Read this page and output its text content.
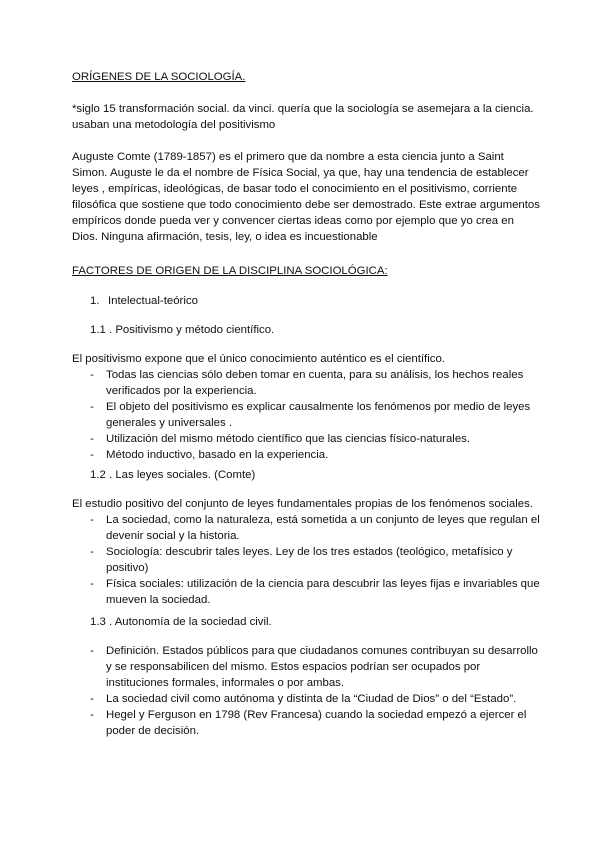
ORÍGENES DE LA SOCIOLOGÍA.

*siglo 15 transformación social. da vinci. quería que la sociología se asemejara a la ciencia. usaban una metodología del positivismo

Auguste Comte (1789-1857) es el primero que da nombre a esta ciencia junto a Saint Simon. Auguste le da el nombre de Física Social, ya que, hay una tendencia de establecer leyes , empíricas, ideológicas, de basar todo el conocimiento en el positivismo, corriente filosófica que sostiene que todo conocimiento debe ser demostrado. Este extrae argumentos empíricos donde pueda ver y convencer ciertas ideas como por ejemplo que yo crea en Dios. Ninguna afirmación, tesis, ley, o idea es incuestionable

FACTORES DE ORIGEN DE LA DISCIPLINA SOCIOLÓGICA:

1. Intelectual-teórico

1.1 . Positivismo y método científico.

El positivismo expone que el único conocimiento auténtico es el científico.

- Todas las ciencias sólo deben tomar en cuenta, para su análisis, los hechos reales verificados por la experiencia.
- El objeto del positivismo es explicar causalmente los fenómenos por medio de leyes generales y universales .
- Utilización del mismo método científico que las ciencias físico-naturales.
- Método inductivo, basado en la experiencia.

1.2 . Las leyes sociales. (Comte)

El estudio positivo del conjunto de leyes fundamentales propias de los fenómenos sociales.

- La sociedad, como la naturaleza, está sometida a un conjunto de leyes que regulan el devenir social y la historia.
- Sociología: descubrir tales leyes. Ley de los tres estados (teológico, metafísico y positivo)
- Física sociales: utilización de la ciencia para descubrir las leyes fijas e invariables que mueven la sociedad.

1.3 . Autonomía de la sociedad civil.

- Definición. Estados públicos para que ciudadanos comunes contribuyan su desarrollo y se responsabilicen del mismo. Estos espacios podrían ser ocupados por instituciones formales, informales o por ambas.
- La sociedad civil como autónoma y distinta de la “Ciudad de Dios” o del “Estado”.
- Hegel y Ferguson en 1798 (Rev Francesa) cuando la sociedad empezó a ejercer el poder de decisión.
